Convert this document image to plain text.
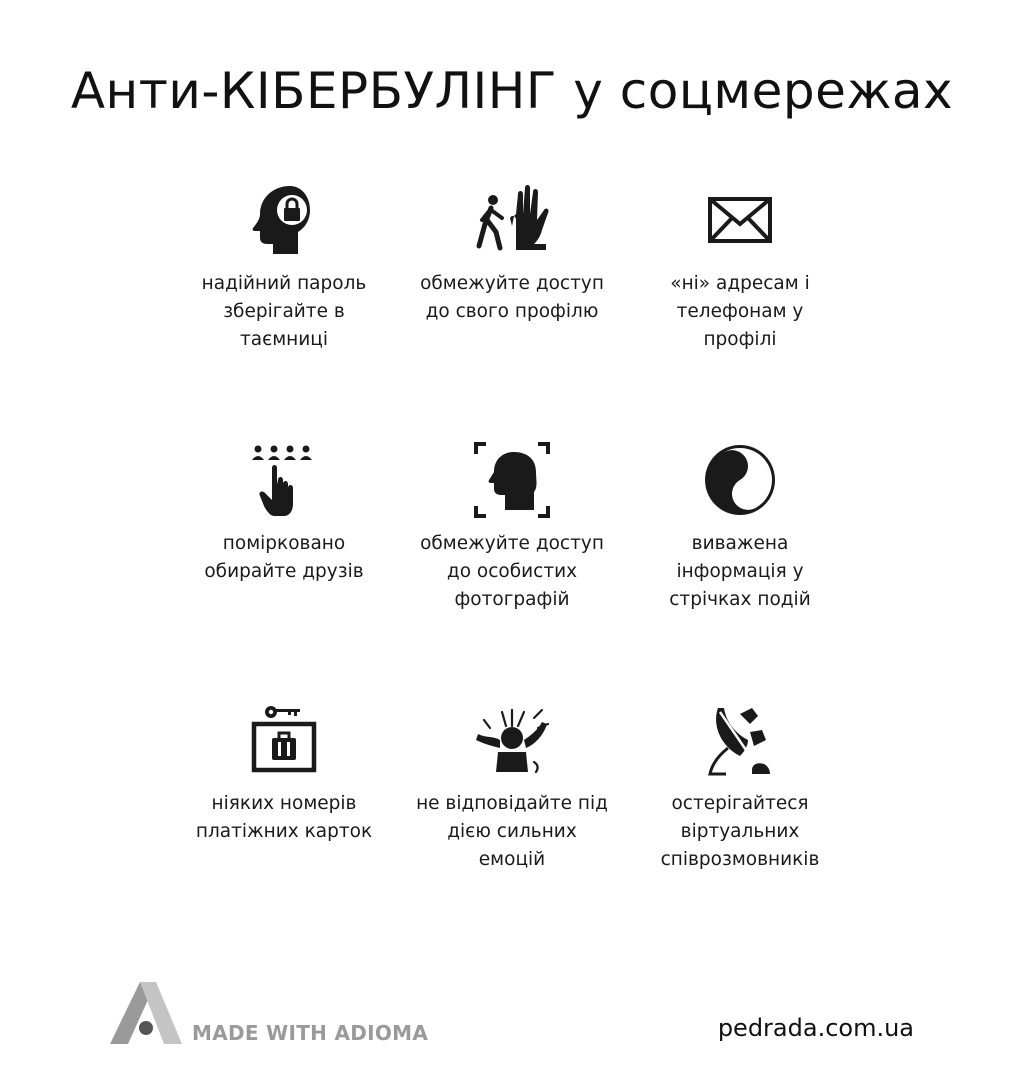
Анти-КІБЕРБУЛІНГ у соцмережах
надійний пароль
зберігайте в
таємниці
обмежуйте доступ
до свого профілю
«ні» адресам і
телефонам у
профілі
помірковано
обирайте друзів
обмежуйте доступ
до особистих
фотографій
виважена
інформація у
стрічках подій
ніяких номерів
платіжних карток
не відповідайте під
дією сильних
емоцій
остерігайтеся
віртуальних
співрозмовників
MADE WITH ADIOMA	pedrada.com.ua
